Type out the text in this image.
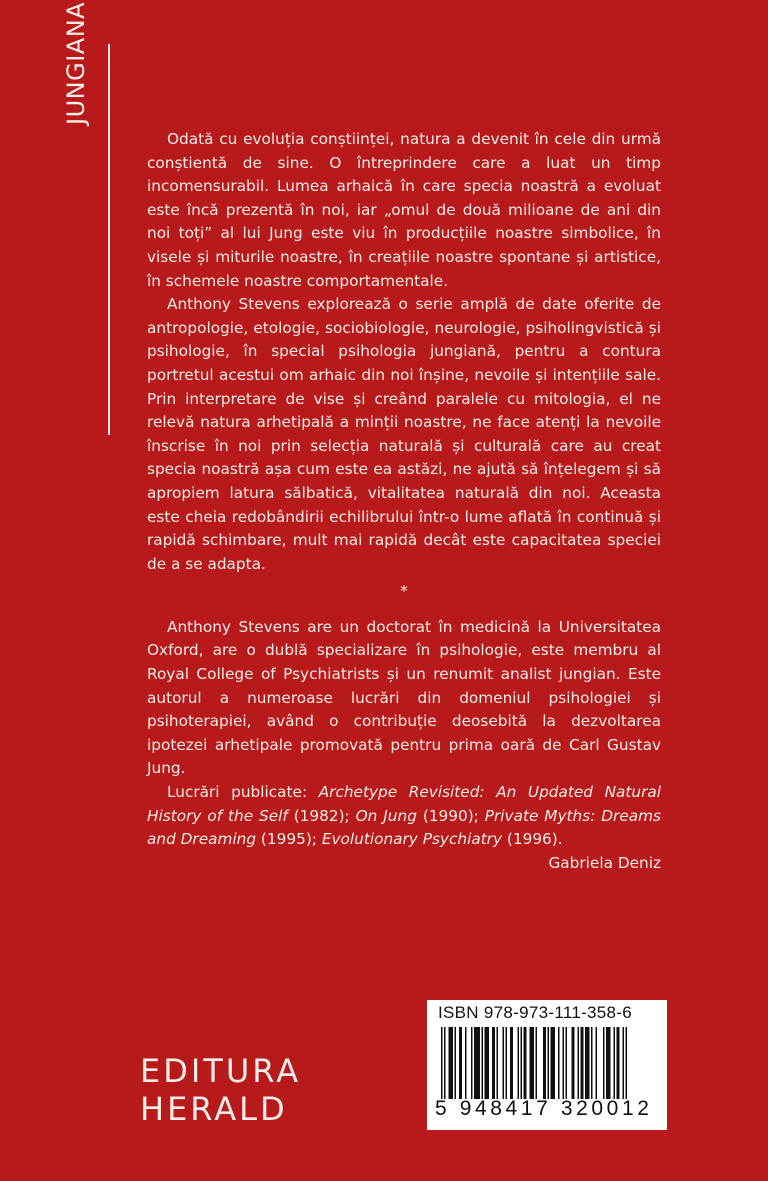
JUNGIANA

Odată cu evoluția conștiinței, natura a devenit în cele din urmă conștientă de sine. O întreprindere care a luat un timp incomensurabil. Lumea arhaică în care specia noastră a evoluat este încă prezentă în noi, iar „omul de două milioane de ani din noi toți” al lui Jung este viu în producțiile noastre simbolice, în visele și miturile noastre, în creațiile noastre spontane și artistice, în schemele noastre comportamentale.

Anthony Stevens explorează o serie amplă de date oferite de antropologie, etologie, sociobiologie, neurologie, psiholingvistică și psihologie, în special psihologia jungiană, pentru a contura portretul acestui om arhaic din noi înșine, nevoile și intențiile sale. Prin interpretare de vise și creând paralele cu mitologia, el ne relevă natura arhetipală a minții noastre, ne face atenți la nevoile înscrise în noi prin selecția naturală și culturală care au creat specia noastră așa cum este ea astăzi, ne ajută să înțelegem și să apropiem latura sălbatică, vitalitatea naturală din noi. Aceasta este cheia redobândirii echilibrului într-o lume aflată în continuă și rapidă schimbare, mult mai rapidă decât este capacitatea speciei de a se adapta.

*

Anthony Stevens are un doctorat în medicină la Universitatea Oxford, are o dublă specializare în psihologie, este membru al Royal College of Psychiatrists și un renumit analist jungian. Este autorul a numeroase lucrări din domeniul psihologiei și psihoterapiei, având o contribuție deosebită la dezvoltarea ipotezei arhetipale promovată pentru prima oară de Carl Gustav Jung.

Lucrări publicate: Archetype Revisited: An Updated Natural History of the Self (1982); On Jung (1990); Private Myths: Dreams and Dreaming (1995); Evolutionary Psychiatry (1996).

Gabriela Deniz
EDITURA
HERALD
ISBN 978-973-111-358-6
5 948417 320012
